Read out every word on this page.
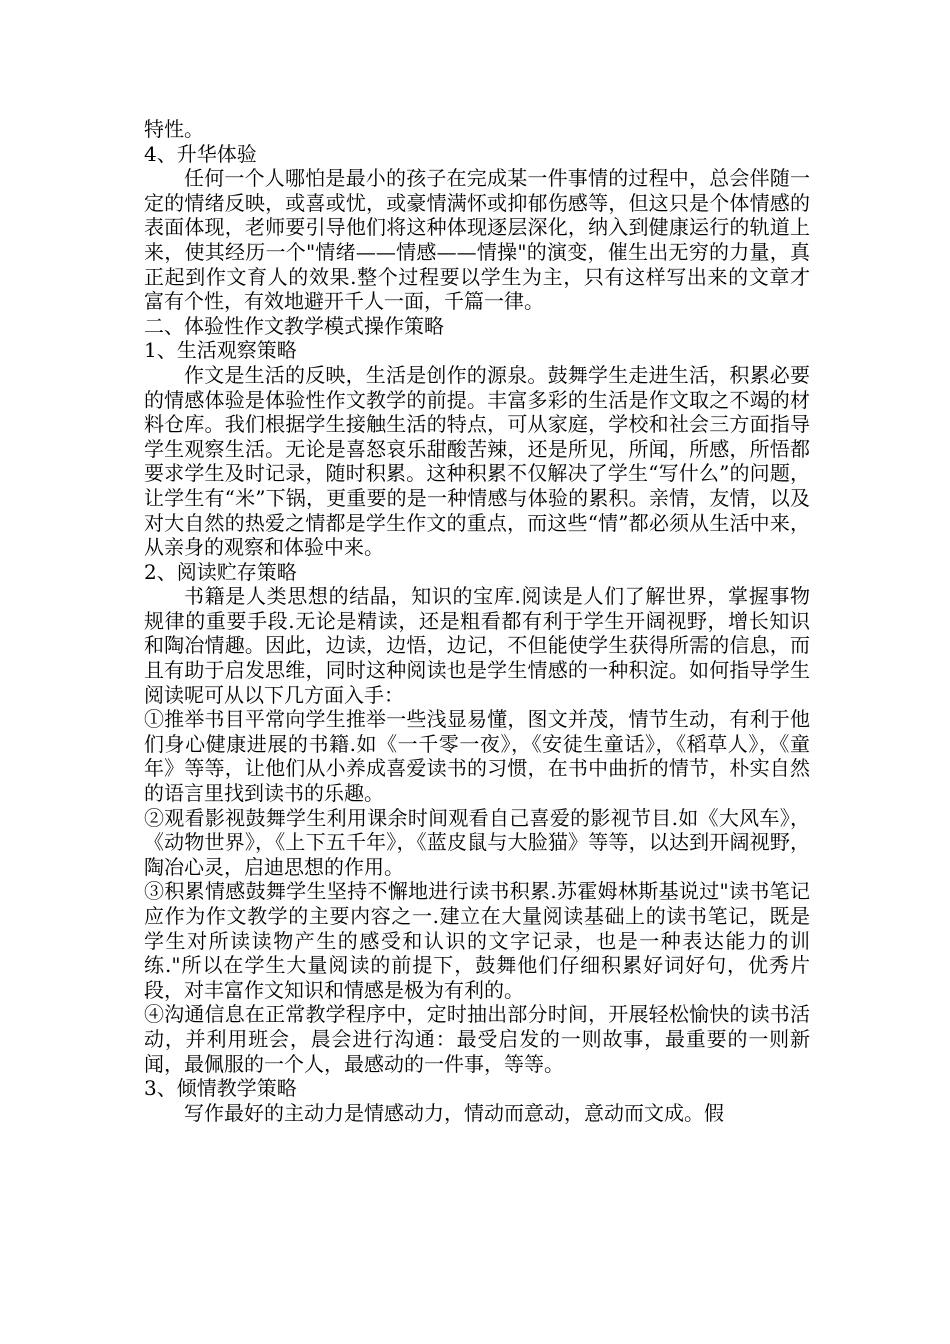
特性。

4、升华体验

任何一个人哪怕是最小的孩子在完成某一件事情的过程中，总会伴随一定的情绪反映，或喜或忧，或豪情满怀或抑郁伤感等，但这只是个体情感的表面体现，老师要引导他们将这种体现逐层深化，纳入到健康运行的轨道上来，使其经历一个"情绪——情感——情操"的演变，催生出无穷的力量，真正起到作文育人的效果.整个过程要以学生为主，只有这样写出来的文章才富有个性，有效地避开千人一面，千篇一律。

二、体验性作文教学模式操作策略

1、生活观察策略

作文是生活的反映，生活是创作的源泉。鼓舞学生走进生活，积累必要的情感体验是体验性作文教学的前提。丰富多彩的生活是作文取之不竭的材料仓库。我们根据学生接触生活的特点，可从家庭，学校和社会三方面指导学生观察生活。无论是喜怒哀乐甜酸苦辣，还是所见，所闻，所感，所悟都要求学生及时记录，随时积累。这种积累不仅解决了学生“写什么”的问题，让学生有“米”下锅，更重要的是一种情感与体验的累积。亲情，友情，以及对大自然的热爱之情都是学生作文的重点，而这些“情”都必须从生活中来，从亲身的观察和体验中来。

2、阅读贮存策略

书籍是人类思想的结晶，知识的宝库.阅读是人们了解世界，掌握事物规律的重要手段.无论是精读，还是粗看都有利于学生开阔视野，增长知识和陶冶情趣。因此，边读，边悟，边记，不但能使学生获得所需的信息，而且有助于启发思维，同时这种阅读也是学生情感的一种积淀。如何指导学生阅读呢可从以下几方面入手：

①推举书目平常向学生推举一些浅显易懂，图文并茂，情节生动，有利于他们身心健康进展的书籍.如《一千零一夜》，《安徒生童话》，《稻草人》，《童年》等等，让他们从小养成喜爱读书的习惯，在书中曲折的情节，朴实自然的语言里找到读书的乐趣。

②观看影视鼓舞学生利用课余时间观看自己喜爱的影视节目.如《大风车》，《动物世界》，《上下五千年》，《蓝皮鼠与大脸猫》等等，以达到开阔视野，陶冶心灵，启迪思想的作用。

③积累情感鼓舞学生坚持不懈地进行读书积累.苏霍姆林斯基说过"读书笔记应作为作文教学的主要内容之一.建立在大量阅读基础上的读书笔记，既是学生对所读读物产生的感受和认识的文字记录，也是一种表达能力的训练."所以在学生大量阅读的前提下，鼓舞他们仔细积累好词好句，优秀片段，对丰富作文知识和情感是极为有利的。

④沟通信息在正常教学程序中，定时抽出部分时间，开展轻松愉快的读书活动，并利用班会，晨会进行沟通：最受启发的一则故事，最重要的一则新闻，最佩服的一个人，最感动的一件事，等等。

3、倾情教学策略

写作最好的主动力是情感动力，情动而意动，意动而文成。假
